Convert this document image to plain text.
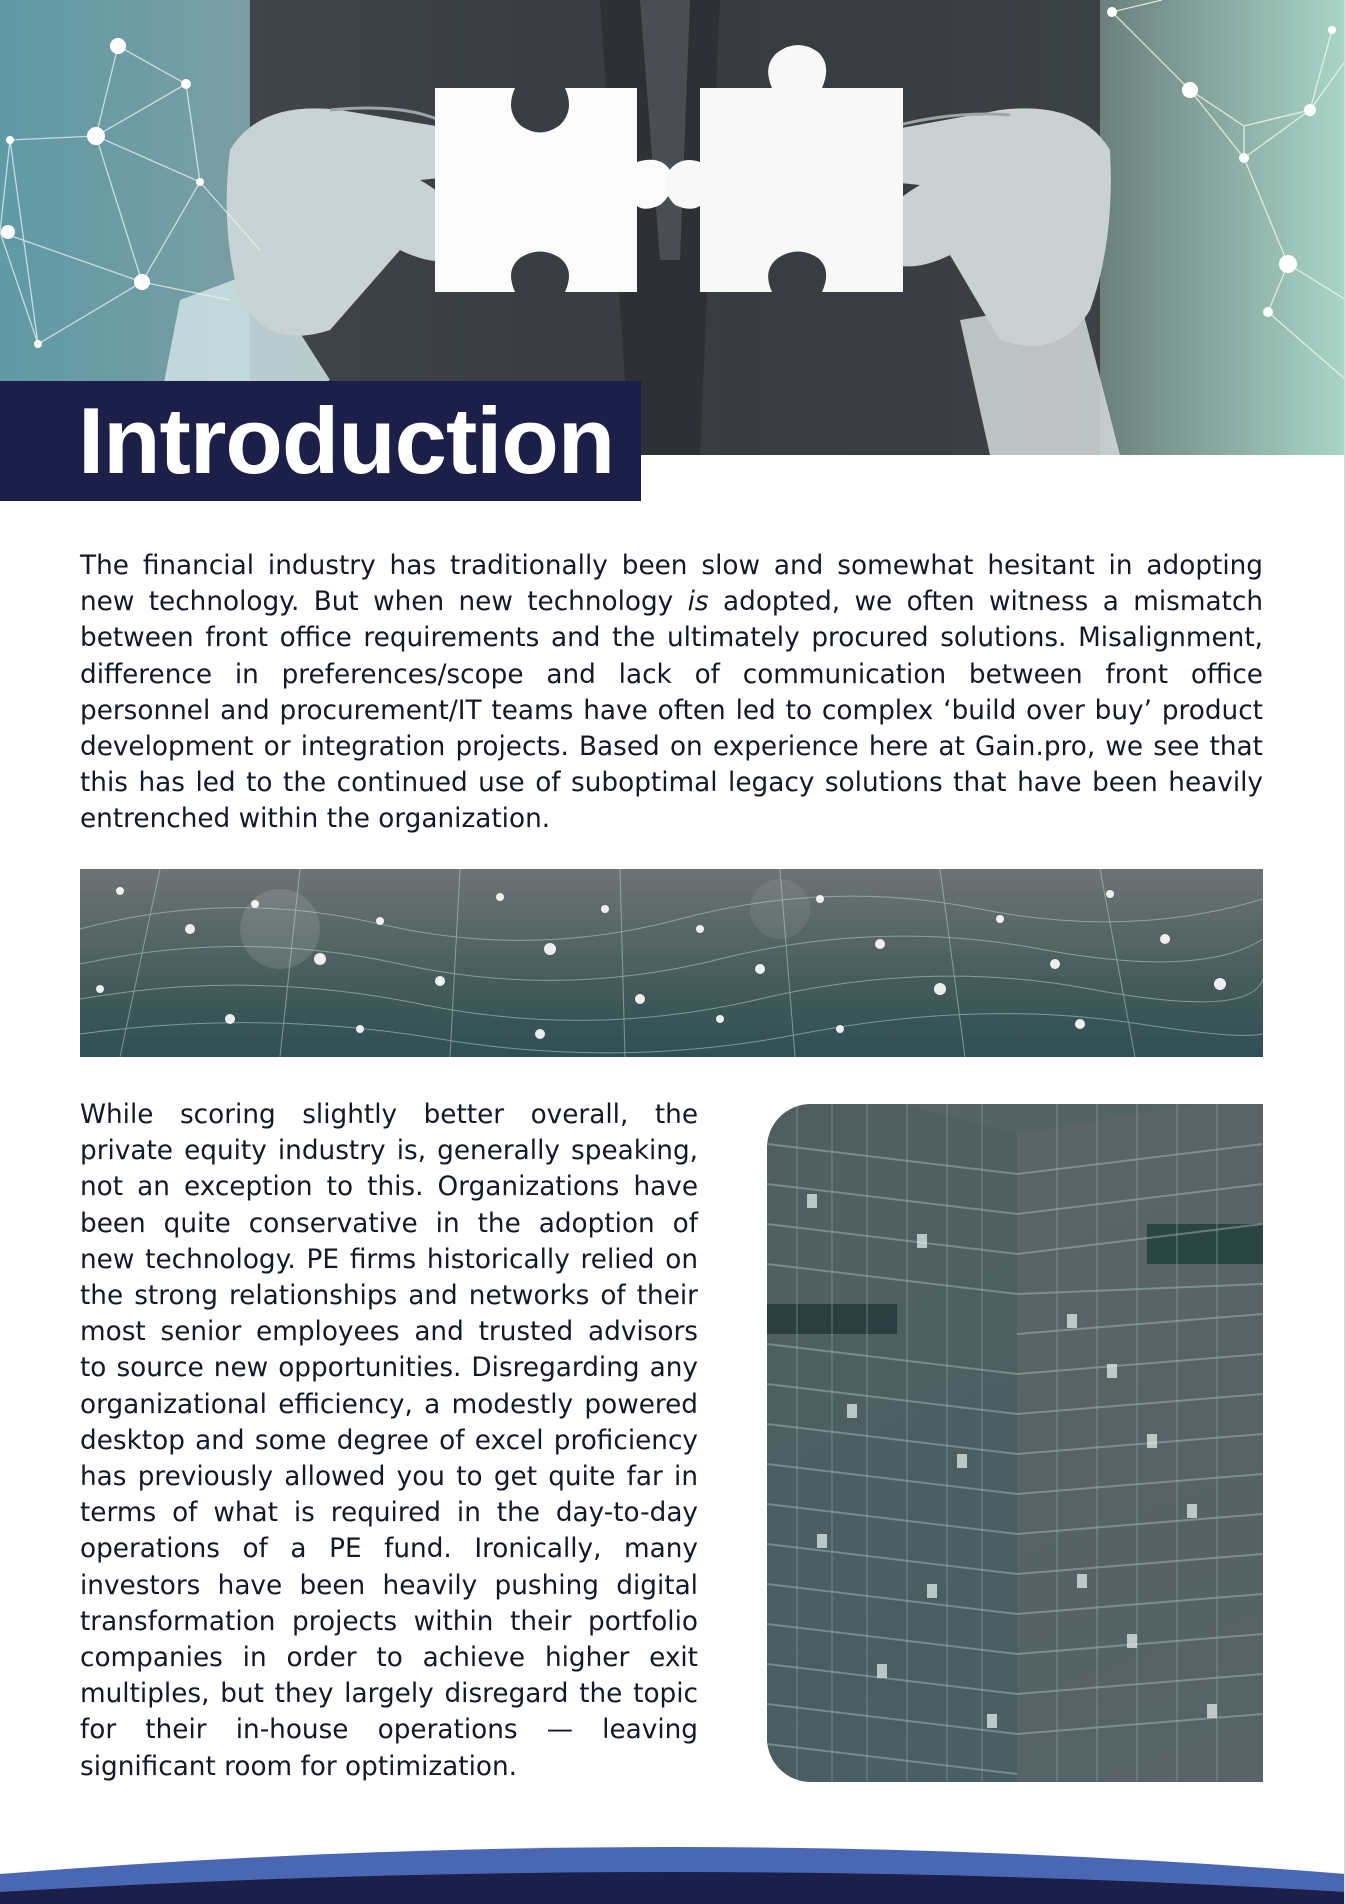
Introduction

The financial industry has traditionally been slow and somewhat hesitant in adopting new technology. But when new technology is adopted, we often witness a mismatch between front office requirements and the ultimately procured solutions. Misalignment, difference in preferences/scope and lack of communication between front office personnel and procurement/IT teams have often led to complex ‘build over buy’ product development or integration projects. Based on experience here at Gain.pro, we see that this has led to the continued use of suboptimal legacy solutions that have been heavily entrenched within the organization.

While scoring slightly better overall, the private equity industry is, generally speaking, not an exception to this. Organizations have been quite conservative in the adoption of new technology. PE firms historically relied on the strong relationships and networks of their most senior employees and trusted advisors to source new opportunities. Disregarding any organizational efficiency, a modestly powered desktop and some degree of excel proficiency has previously allowed you to get quite far in terms of what is required in the day-to-day operations of a PE fund. Ironically, many investors have been heavily pushing digital transformation projects within their portfolio companies in order to achieve higher exit multiples, but they largely disregard the topic for their in-house operations — leaving significant room for optimization.
